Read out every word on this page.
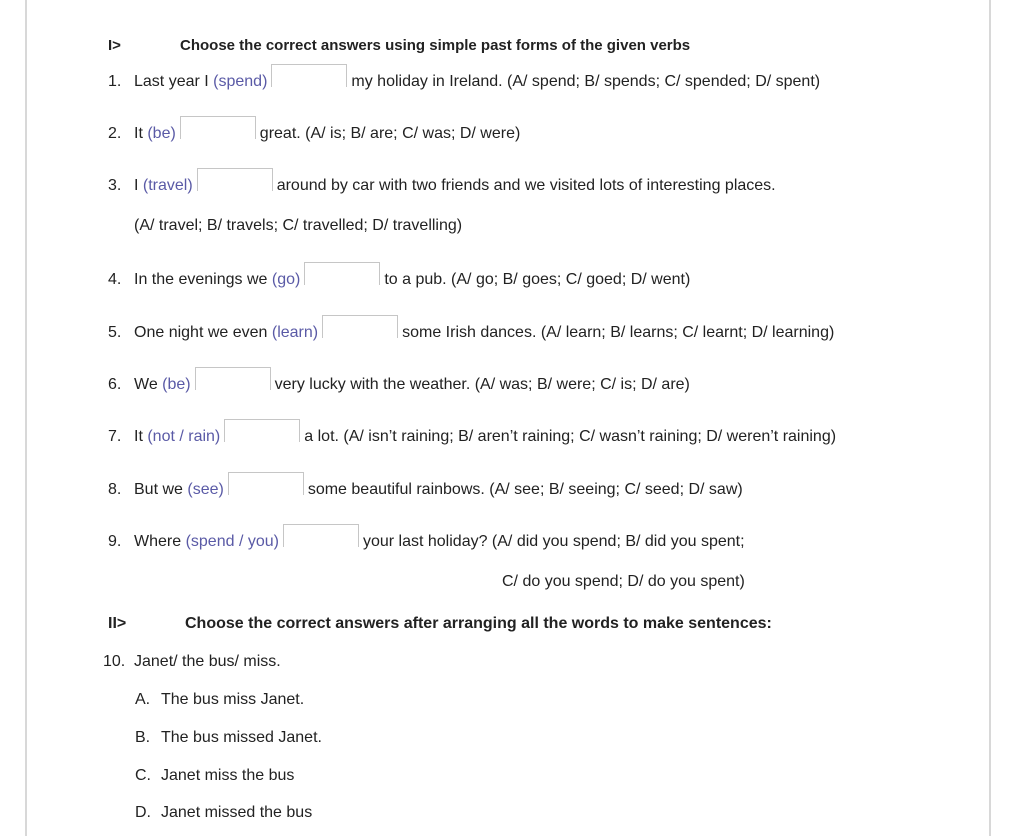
I>	Choose the correct answers using simple past forms of the given verbs
1. Last year I
(spend)	my holiday in Ireland. (A/ spend; B/ spends; C/ spended; D/ spent)
2. It
(be)	great. (A/ is; B/ are; C/ was; D/ were)
3. I
(travel)	around by car with two friends and we visited lots of interesting places.
(A/ travel; B/ travels; C/ travelled; D/ travelling)
4. In the evenings we
(go)	to a pub. (A/ go; B/ goes; C/ goed; D/ went)
5. One night we even
(learn)	some Irish dances. (A/ learn; B/ learns; C/ learnt; D/ learning)
6. We
(be)	very lucky with the weather. (A/ was; B/ were; C/ is; D/ are)
7. It
(not / rain)	a lot. (A/ isn’t raining; B/ aren’t raining; C/ wasn’t raining; D/ weren’t raining)
8. But we
(see)	some beautiful rainbows. (A/ see; B/ seeing; C/ seed; D/ saw)
9. Where
(spend / you)	your last holiday? (A/ did you spend; B/ did you spent;
C/ do you spend; D/ do you spent)
II>	Choose the correct answers after arranging all the words to make sentences:
10. Janet/ the bus/ miss.
A. The bus miss Janet.
B. The bus missed Janet.
C. Janet miss the bus
D. Janet missed the bus
